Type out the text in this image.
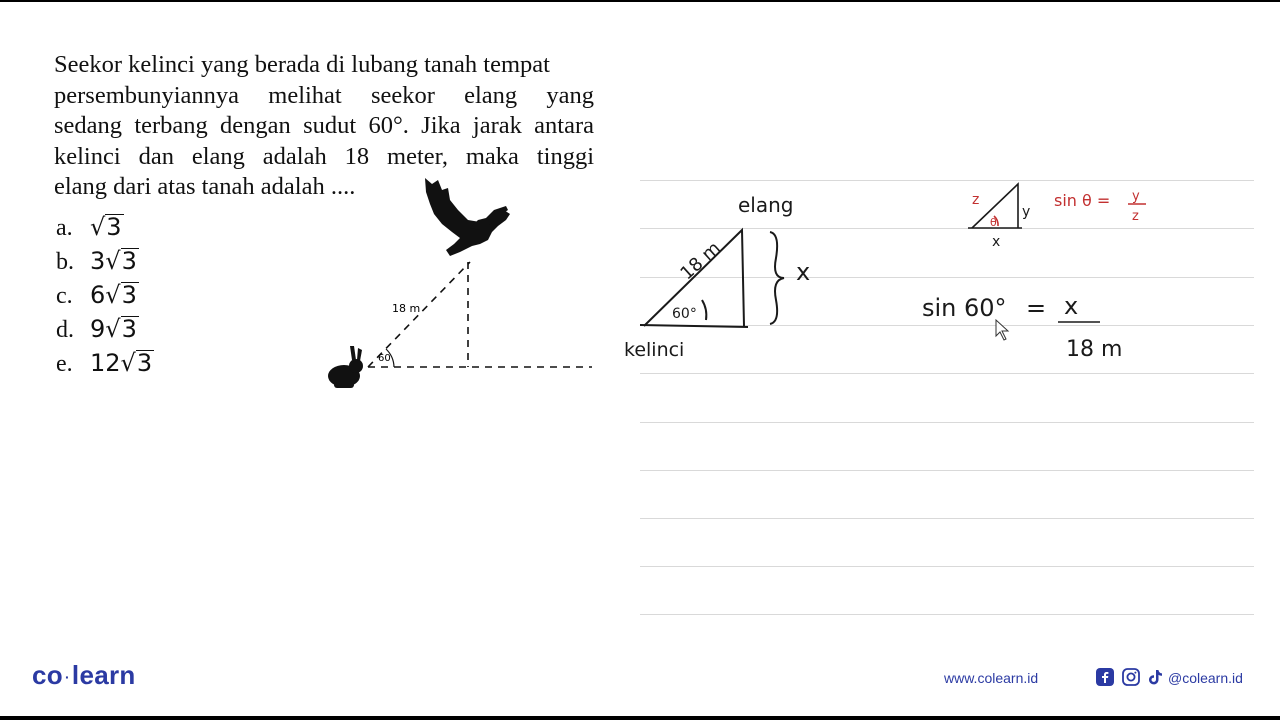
Seekor kelinci yang berada di lubang tanah tempat
persembunyiannya melihat seekor elang yang
sedang terbang dengan sudut 60°. Jika jarak antara
kelinci dan elang adalah 18 meter, maka tinggi
elang dari atas tanah adalah ....
a. √3
b. 3√3
c. 6√3
d. 9√3
e. 12√3	60
18 m
elang
kelinci
18 m
60°
x
z
y
x
θ
sin θ = y
z
sin 60° = x
18 m
co ·learn	www.colearn.id	@colearn.id
